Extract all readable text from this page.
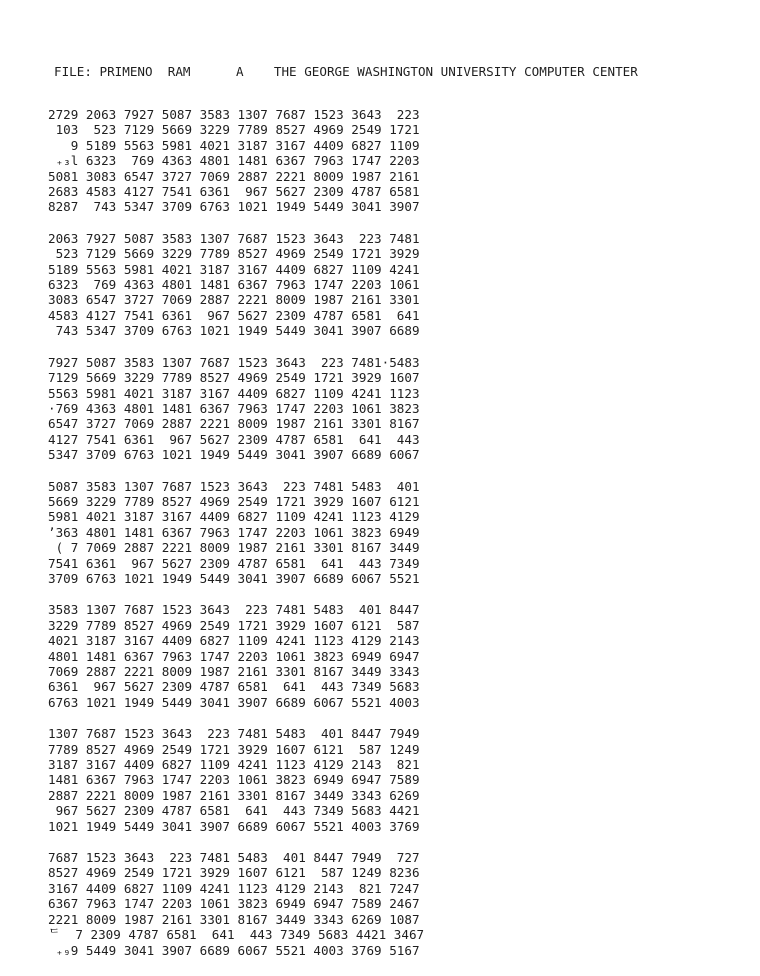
FILE: PRIMENO  RAM      A    THE GEORGE WASHINGTON UNIVERSITY COMPUTER CENTER
2729 2063 7927 5087 3583 1307 7687 1523 3643  223
103  523 7129 5669 3229 7789 8527 4969 2549 1721
9 5189 5563 5981 4021 3187 3167 4409 6827 1109
₊₃l 6323  769 4363 4801 1481 6367 7963 1747 2203
5081 3083 6547 3727 7069 2887 2221 8009 1987 2161
2683 4583 4127 7541 6361  967 5627 2309 4787 6581
8287  743 5347 3709 6763 1021 1949 5449 3041 3907
2063 7927 5087 3583 1307 7687 1523 3643  223 7481
523 7129 5669 3229 7789 8527 4969 2549 1721 3929
5189 5563 5981 4021 3187 3167 4409 6827 1109 4241
6323  769 4363 4801 1481 6367 7963 1747 2203 1061
3083 6547 3727 7069 2887 2221 8009 1987 2161 3301
4583 4127 7541 6361  967 5627 2309 4787 6581  641
743 5347 3709 6763 1021 1949 5449 3041 3907 6689
7927 5087 3583 1307 7687 1523 3643  223 7481·5483
7129 5669 3229 7789 8527 4969 2549 1721 3929 1607
5563 5981 4021 3187 3167 4409 6827 1109 4241 1123
·769 4363 4801 1481 6367 7963 1747 2203 1061 3823
6547 3727 7069 2887 2221 8009 1987 2161 3301 8167
4127 7541 6361  967 5627 2309 4787 6581  641  443
5347 3709 6763 1021 1949 5449 3041 3907 6689 6067
5087 3583 1307 7687 1523 3643  223 7481 5483  401
5669 3229 7789 8527 4969 2549 1721 3929 1607 6121
5981 4021 3187 3167 4409 6827 1109 4241 1123 4129
ʼ363 4801 1481 6367 7963 1747 2203 1061 3823 6949
( 7 7069 2887 2221 8009 1987 2161 3301 8167 3449
7541 6361  967 5627 2309 4787 6581  641  443 7349
3709 6763 1021 1949 5449 3041 3907 6689 6067 5521
3583 1307 7687 1523 3643  223 7481 5483  401 8447
3229 7789 8527 4969 2549 1721 3929 1607 6121  587
4021 3187 3167 4409 6827 1109 4241 1123 4129 2143
4801 1481 6367 7963 1747 2203 1061 3823 6949 6947
7069 2887 2221 8009 1987 2161 3301 8167 3449 3343
6361  967 5627 2309 4787 6581  641  443 7349 5683
6763 1021 1949 5449 3041 3907 6689 6067 5521 4003
1307 7687 1523 3643  223 7481 5483  401 8447 7949
7789 8527 4969 2549 1721 3929 1607 6121  587 1249
3187 3167 4409 6827 1109 4241 1123 4129 2143  821
1481 6367 7963 1747 2203 1061 3823 6949 6947 7589
2887 2221 8009 1987 2161 3301 8167 3449 3343 6269
967 5627 2309 4787 6581  641  443 7349 5683 4421
1021 1949 5449 3041 3907 6689 6067 5521 4003 3769
7687 1523 3643  223 7481 5483  401 8447 7949  727
8527 4969 2549 1721 3929 1607 6121  587 1249 8236
3167 4409 6827 1109 4241 1123 4129 2143  821 7247
6367 7963 1747 2203 1061 3823 6949 6947 7589 2467
2221 8009 1987 2161 3301 8167 3449 3343 6269 1087
ᄃ  7 2309 4787 6581  641  443 7349 5683 4421 3467
₊₉9 5449 3041 3907 6689 6067 5521 4003 3769 5167
